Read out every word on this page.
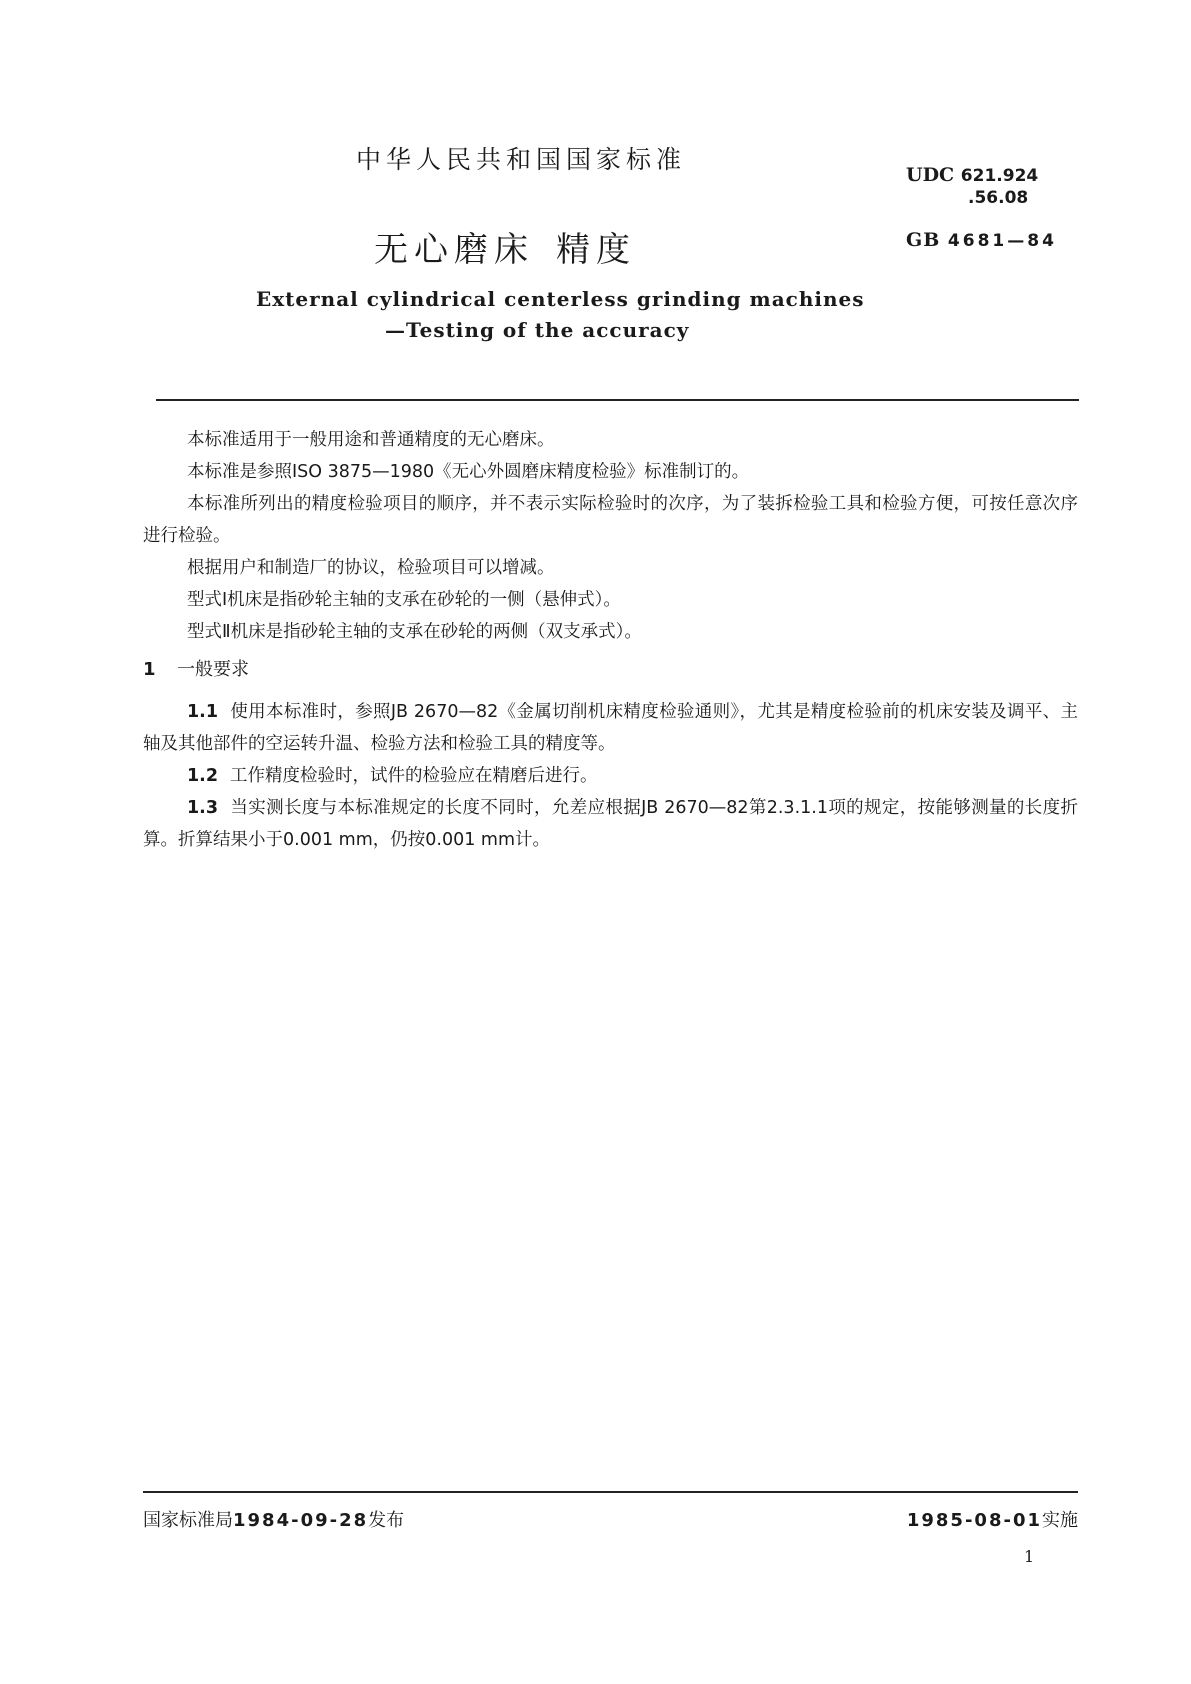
中华人民共和国国家标准
无心磨床 精度
UDC 621.924
.56.08
GB 4681—84
External cylindrical centerless grinding machines
—Testing of the accuracy

本标准适用于一般用途和普通精度的无心磨床。

本标准是参照ISO 3875—1980《无心外圆磨床精度检验》标准制订的。

本标准所列出的精度检验项目的顺序，并不表示实际检验时的次序，为了装拆检验工具和检验方便，可按任意次序进行检验。

根据用户和制造厂的协议，检验项目可以增减。

型式Ⅰ机床是指砂轮主轴的支承在砂轮的一侧（悬伸式）。

型式Ⅱ机床是指砂轮主轴的支承在砂轮的两侧（双支承式）。

1 一般要求

1.1 使用本标准时，参照JB 2670—82《金属切削机床精度检验通则》，尤其是精度检验前的机床安装及调平、主轴及其他部件的空运转升温、检验方法和检验工具的精度等。

1.2 工作精度检验时，试件的检验应在精磨后进行。

1.3 当实测长度与本标准规定的长度不同时，允差应根据JB 2670—82第2.3.1.1项的规定，按能够测量的长度折算。折算结果小于0.001 mm，仍按0.001 mm计。

国家标准局1984-09-28发布	1985-08-01实施
1
